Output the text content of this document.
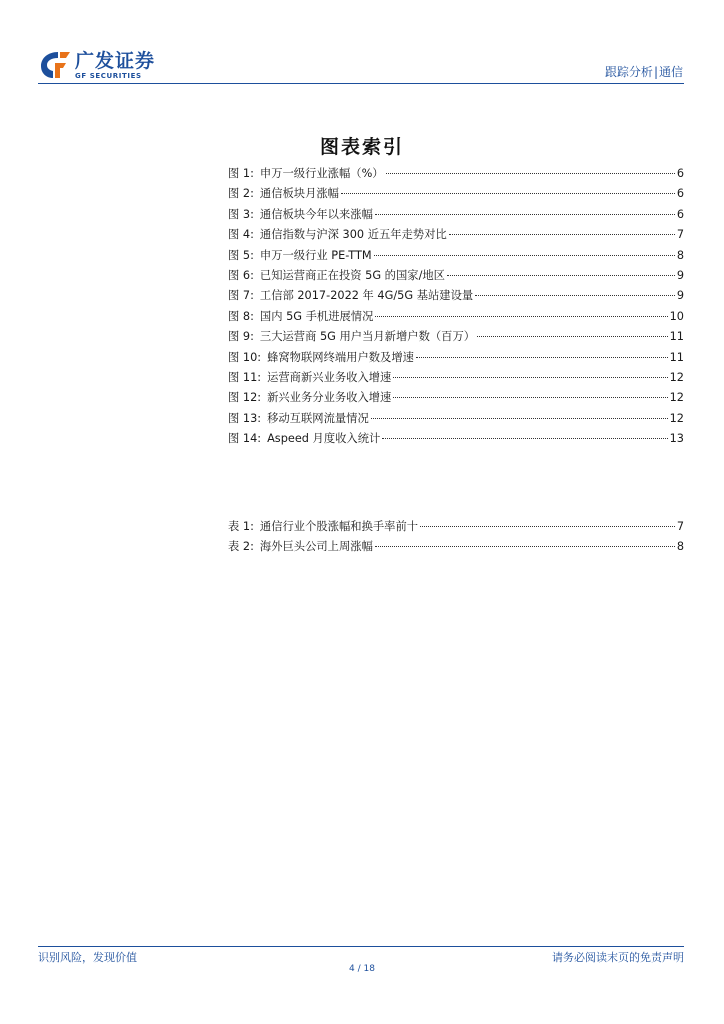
广发证券
GF SECURITIES	跟踪分析|通信
图表索引
图 1: 申万一级行业涨幅（%）	6
图 2: 通信板块月涨幅	6
图 3: 通信板块今年以来涨幅	6
图 4: 通信指数与沪深 300 近五年走势对比	7
图 5: 申万一级行业 PE-TTM	8
图 6: 已知运营商正在投资 5G 的国家/地区	9
图 7: 工信部 2017-2022 年 4G/5G 基站建设量	9
图 8: 国内 5G 手机进展情况	10
图 9: 三大运营商 5G 用户当月新增户数（百万）	11
图 10: 蜂窝物联网终端用户数及增速	11
图 11: 运营商新兴业务收入增速	12
图 12: 新兴业务分业务收入增速	12
图 13: 移动互联网流量情况	12
图 14: Aspeed 月度收入统计	13
表 1: 通信行业个股涨幅和换手率前十	7
表 2: 海外巨头公司上周涨幅	8
识别风险，发现价值	请务必阅读末页的免责声明
4 / 18
